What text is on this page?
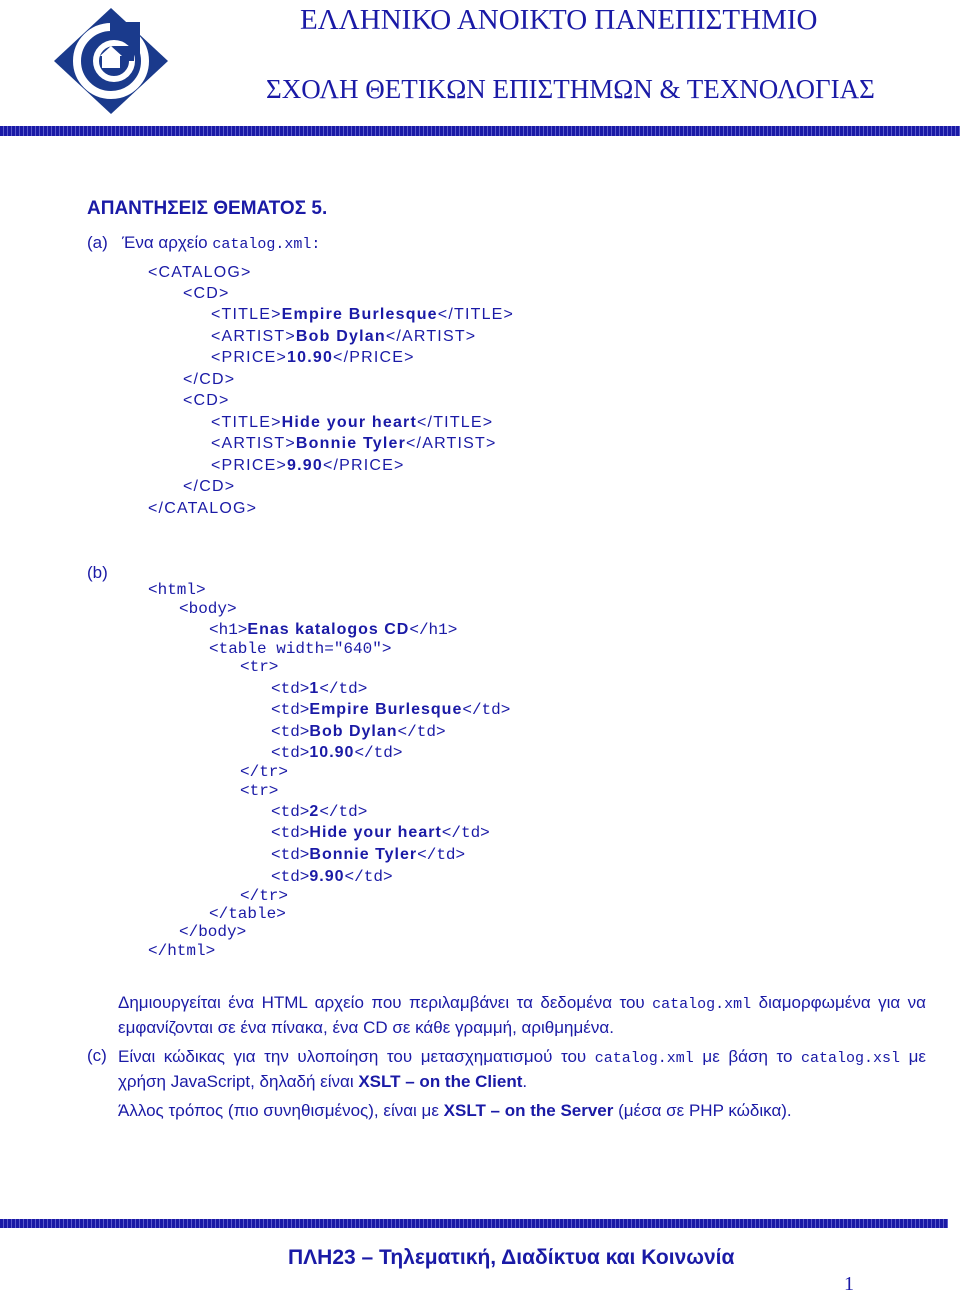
ΕΛΛΗΝΙΚΟ ΑΝΟΙΚΤΟ ΠΑΝΕΠΙΣΤΗΜΙΟ
ΣΧΟΛΗ ΘΕΤΙΚΩΝ ΕΠΙΣΤΗΜΩΝ & ΤΕΧΝΟΛΟΓΙΑΣ
ΑΠΑΝΤΗΣΕΙΣ ΘΕΜΑΤΟΣ 5.
(a) Ένα αρχείο catalog.xml:
<CATALOG>
<CD>
<TITLE>Empire Burlesque</TITLE>
<ARTIST>Bob Dylan</ARTIST>
<PRICE>10.90</PRICE>
</CD>
<CD>
<TITLE>Hide your heart</TITLE>
<ARTIST>Bonnie Tyler</ARTIST>
<PRICE>9.90</PRICE>
</CD>
</CATALOG>
(b)
<html>
<body>
<h1>Enas katalogos CD</h1>
<table width="640">
<tr>
<td>1</td>
<td>Empire Burlesque</td>
<td>Bob Dylan</td>
<td>10.90</td>
</tr>
<tr>
<td>2</td>
<td>Hide your heart</td>
<td>Bonnie Tyler</td>
<td>9.90</td>
</tr>
</table>
</body>
</html>
Δημιουργείται ένα HTML αρχείο που περιλαμβάνει τα δεδομένα του catalog.xml διαμορφωμένα για να εμφανίζονται σε ένα πίνακα, ένα CD σε κάθε γραμμή, αριθμημένα.
(c) Είναι κώδικας για την υλοποίηση του μετασχηματισμού του catalog.xml με βάση το catalog.xsl με χρήση JavaScript, δηλαδή είναι XSLT – on the Client.
Άλλος τρόπος (πιο συνηθισμένος), είναι με XSLT – on the Server (μέσα σε PHP κώδικα).
ΠΛΗ23 – Τηλεματική, Διαδίκτυα και Κοινωνία
1
